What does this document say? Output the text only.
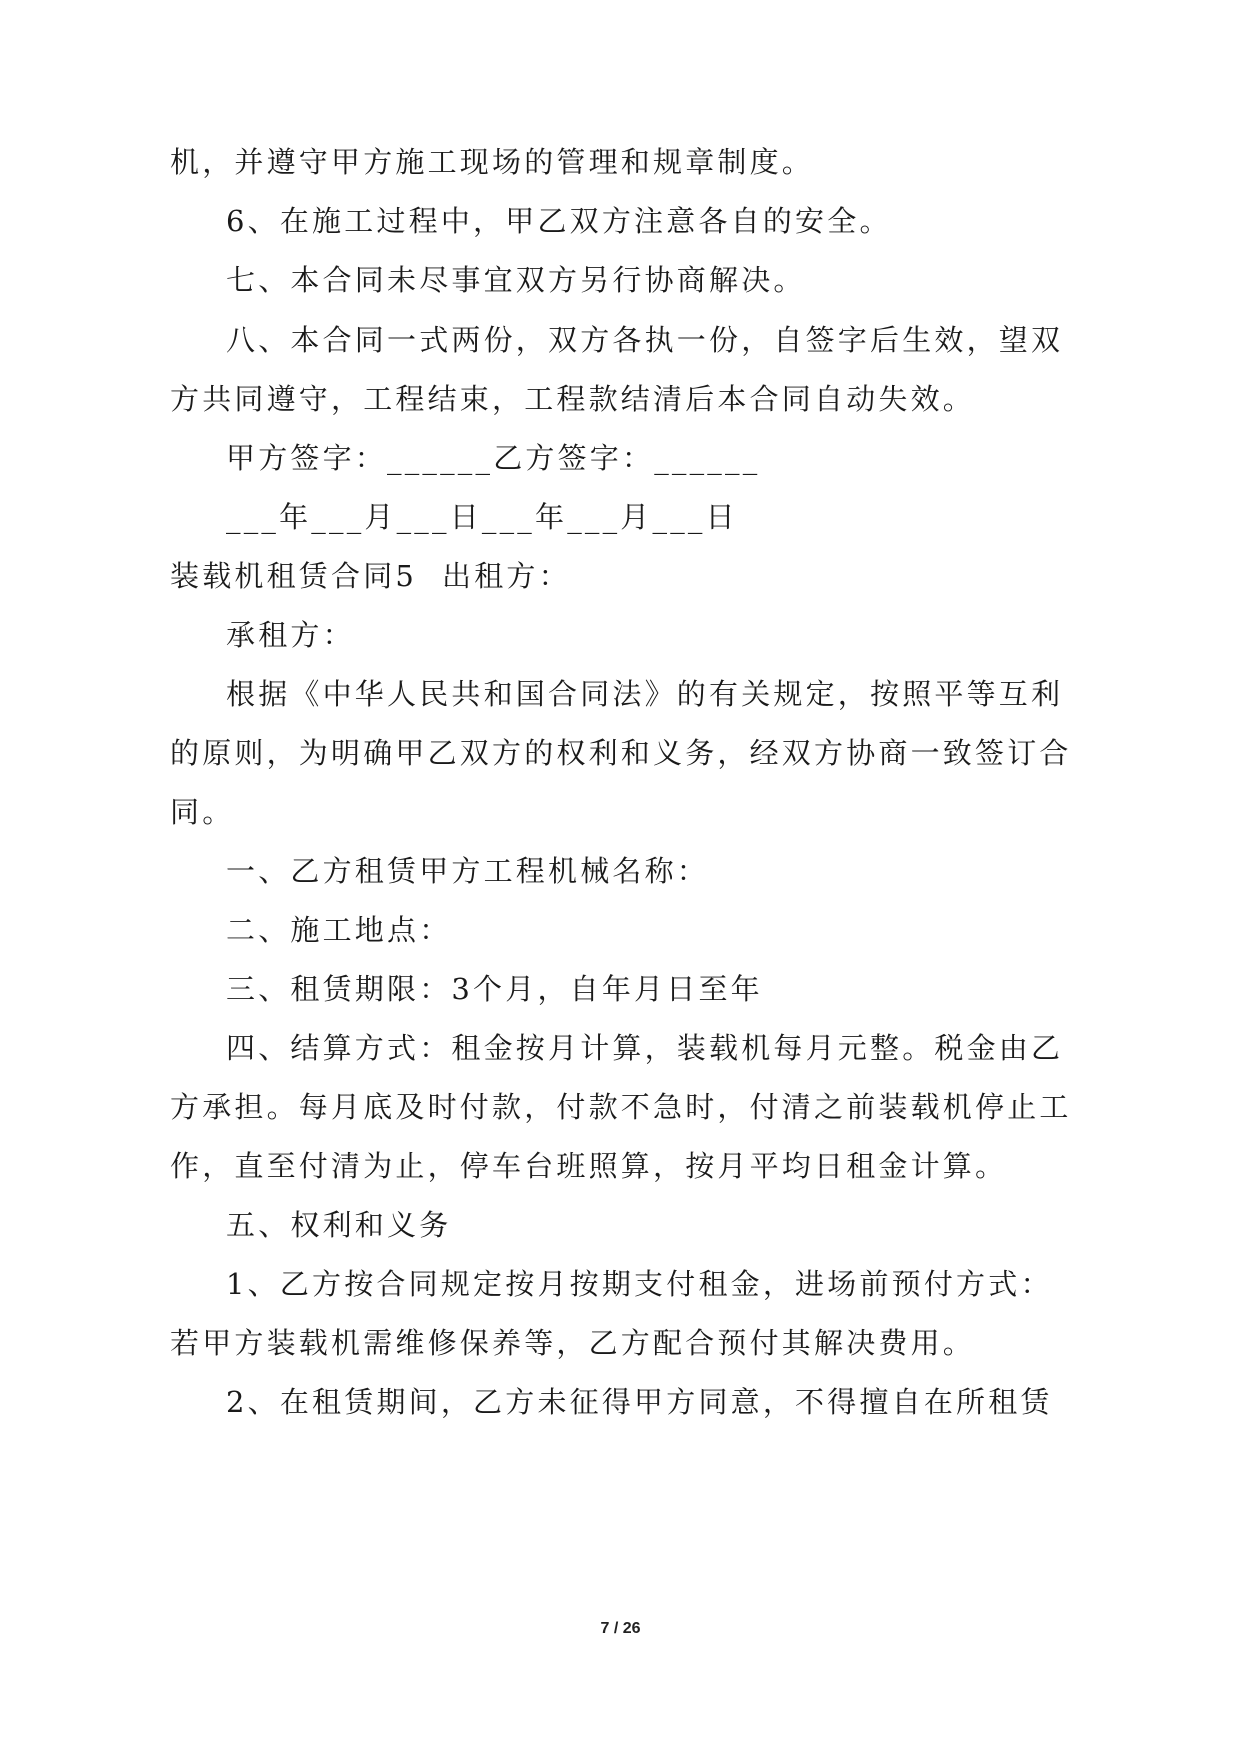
机，并遵守甲方施工现场的管理和规章制度。

6、在施工过程中，甲乙双方注意各自的安全。

七、本合同未尽事宜双方另行协商解决。

八、本合同一式两份，双方各执一份，自签字后生效，望双

方共同遵守，工程结束，工程款结清后本合同自动失效。

甲方签字：______乙方签字：______

___年___月___日___年___月___日

装载机租赁合同5

出租方：

承租方：

根据《中华人民共和国合同法》的有关规定，按照平等互利

的原则，为明确甲乙双方的权利和义务，经双方协商一致签订合

同。

一、乙方租赁甲方工程机械名称：

二、施工地点：

三、租赁期限：3个月，自年月日至年

四、结算方式：租金按月计算，装载机每月元整。税金由乙

方承担。每月底及时付款，付款不急时，付清之前装载机停止工

作，直至付清为止，停车台班照算，按月平均日租金计算。

五、权利和义务

1、乙方按合同规定按月按期支付租金，进场前预付方式：

若甲方装载机需维修保养等，乙方配合预付其解决费用。

2、在租赁期间，乙方未征得甲方同意，不得擅自在所租赁

7 / 26
